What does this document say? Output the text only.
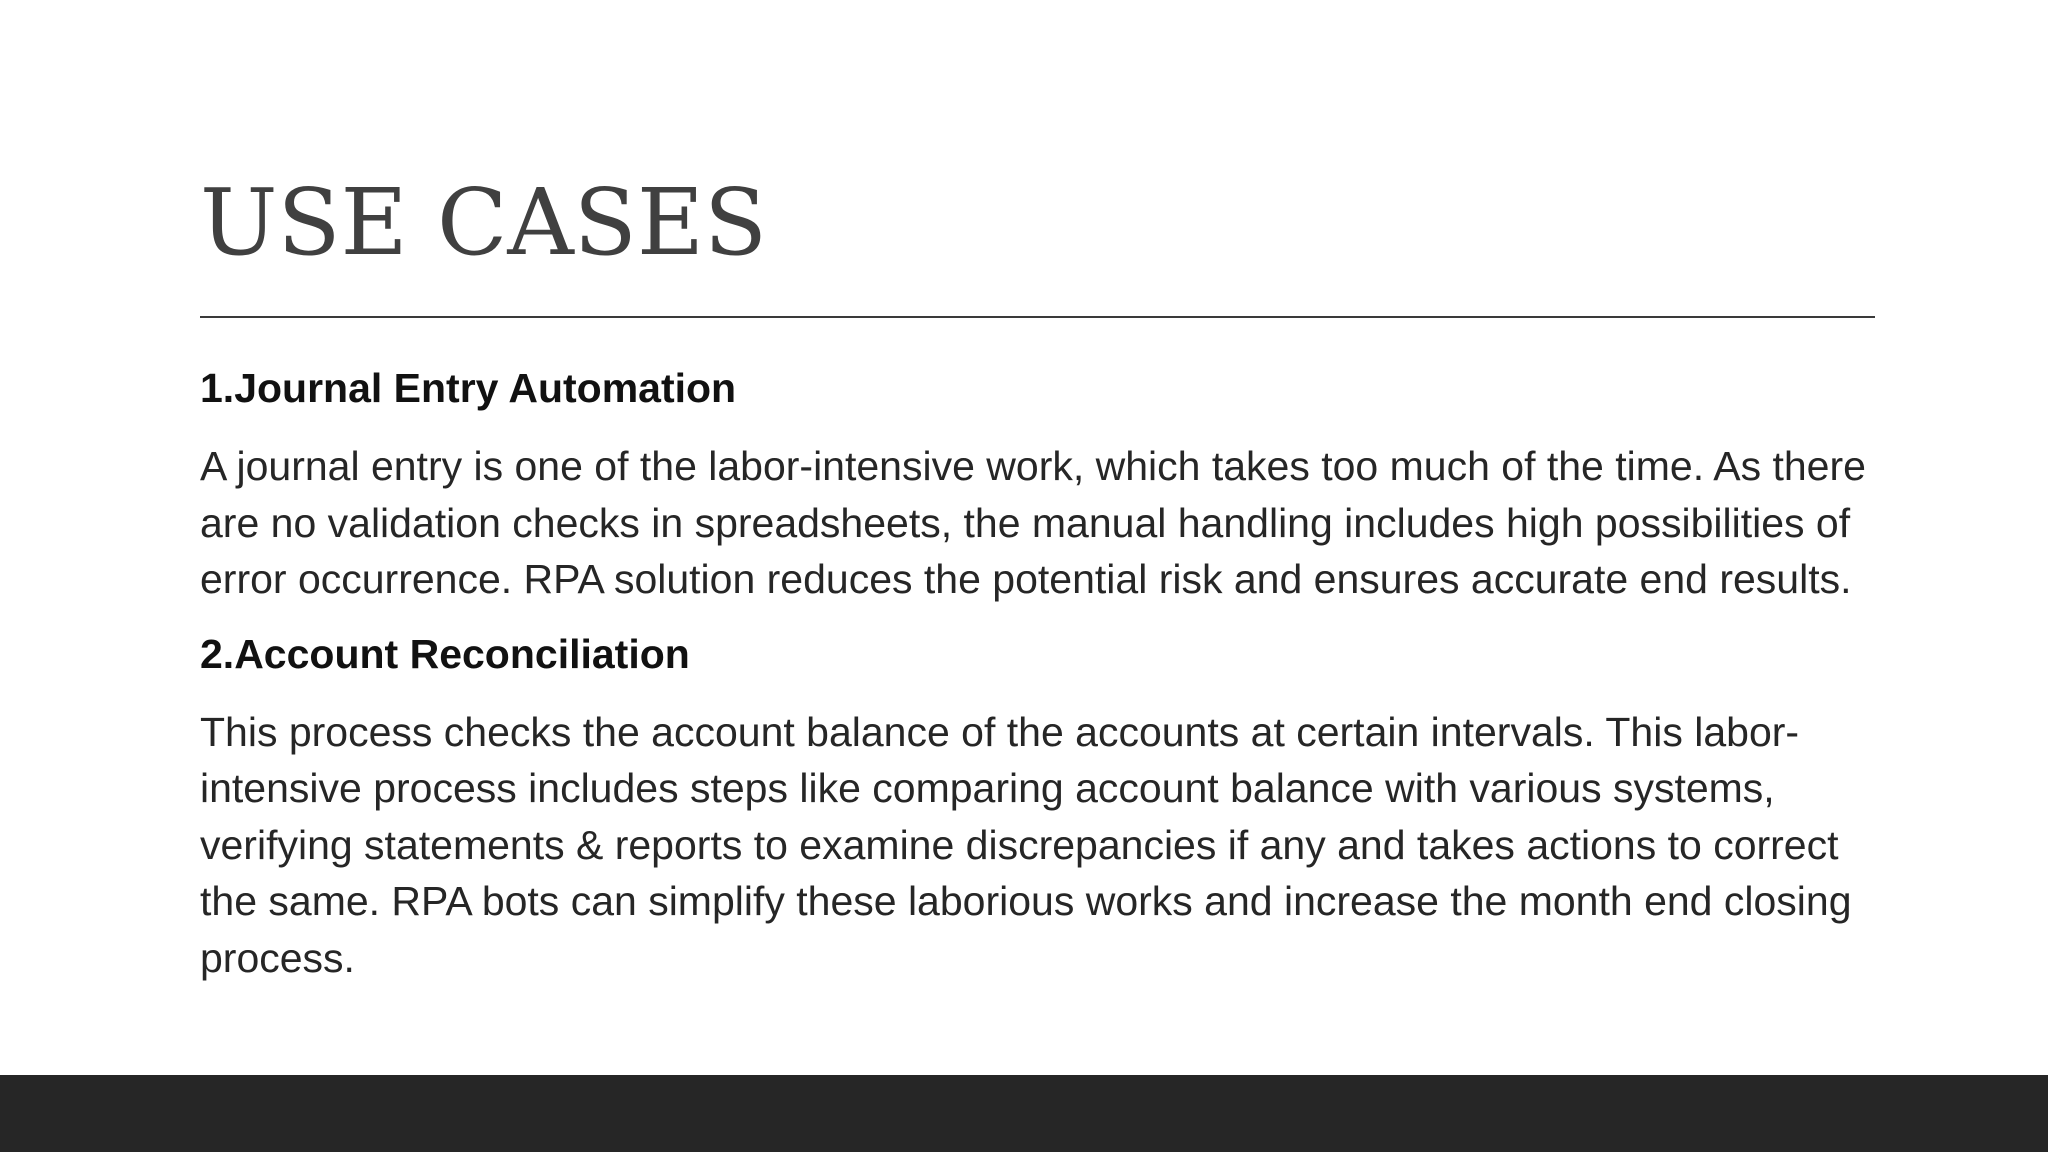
USE CASES
1.Journal Entry Automation

A journal entry is one of the labor-intensive work, which takes too much of the time. As there are no validation checks in spreadsheets, the manual handling includes high possibilities of error occurrence. RPA solution reduces the potential risk and ensures accurate end results.

2.Account Reconciliation

This process checks the account balance of the accounts at certain intervals. This labor-intensive process includes steps like comparing account balance with various systems, verifying statements & reports to examine discrepancies if any and takes actions to correct the same. RPA bots can simplify these laborious works and increase the month end closing process.
